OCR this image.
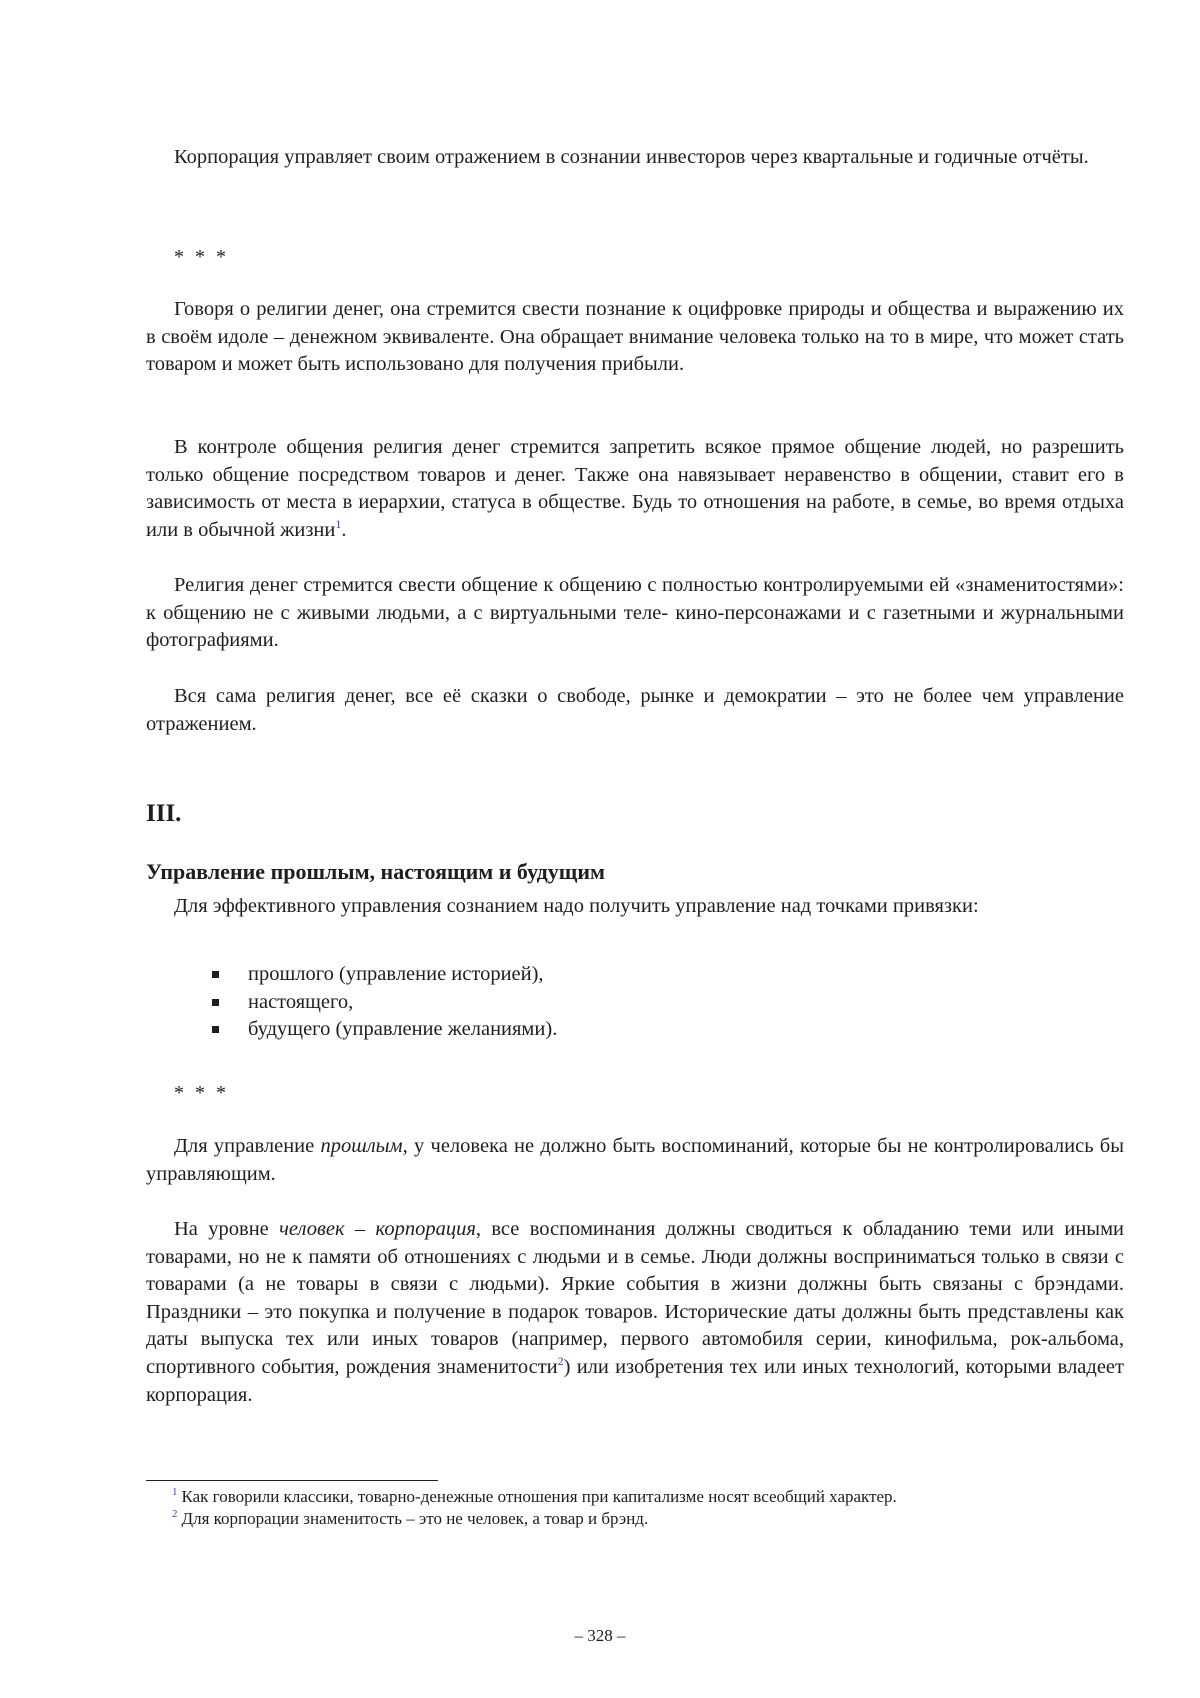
Корпорация управляет своим отражением в сознании инвесторов через квартальные и годичные отчёты.

* * *

Говоря о религии денег, она стремится свести познание к оцифровке природы и общества и выражению их в своём идоле – денежном эквиваленте. Она обращает внимание человека только на то в мире, что может стать товаром и может быть использовано для получения прибыли.

В контроле общения религия денег стремится запретить всякое прямое общение людей, но разрешить только общение посредством товаров и денег. Также она навязывает неравенство в общении, ставит его в зависимость от места в иерархии, статуса в обществе. Будь то отношения на работе, в семье, во время отдыха или в обычной жизни$^1$.

Религия денег стремится свести общение к общению с полностью контролируемыми ей «знаменитостями»: к общению не с живыми людьми, а с виртуальными теле- кино-персонажами и с газетными и журнальными фотографиями.

Вся сама религия денег, все её сказки о свободе, рынке и демократии – это не более чем управление отражением.

III.
Управление прошлым, настоящим и будущим

Для эффективного управления сознанием надо получить управление над точками привязки:

прошлого (управление историей),
настоящего,
будущего (управление желаниями).
* * *

Для управление прошлым, у человека не должно быть воспоминаний, которые бы не контролировались бы управляющим.

На уровне человек – корпорация, все воспоминания должны сводиться к обладанию теми или иными товарами, но не к памяти об отношениях с людьми и в семье. Люди должны восприниматься только в связи с товарами (а не товары в связи с людьми). Яркие события в жизни должны быть связаны с брэндами. Праздники – это покупка и получение в подарок товаров. Исторические даты должны быть представлены как даты выпуска тех или иных товаров (например, первого автомобиля серии, кинофильма, рок-альбома, спортивного события, рождения знаменитости$^2$) или изобретения тех или иных технологий, которыми владеет корпорация.

$^1$ Как говорили классики, товарно-денежные отношения при капитализме носят всеобщий характер.
$^2$ Для корпорации знаменитость – это не человек, а товар и брэнд.
– 328 –
